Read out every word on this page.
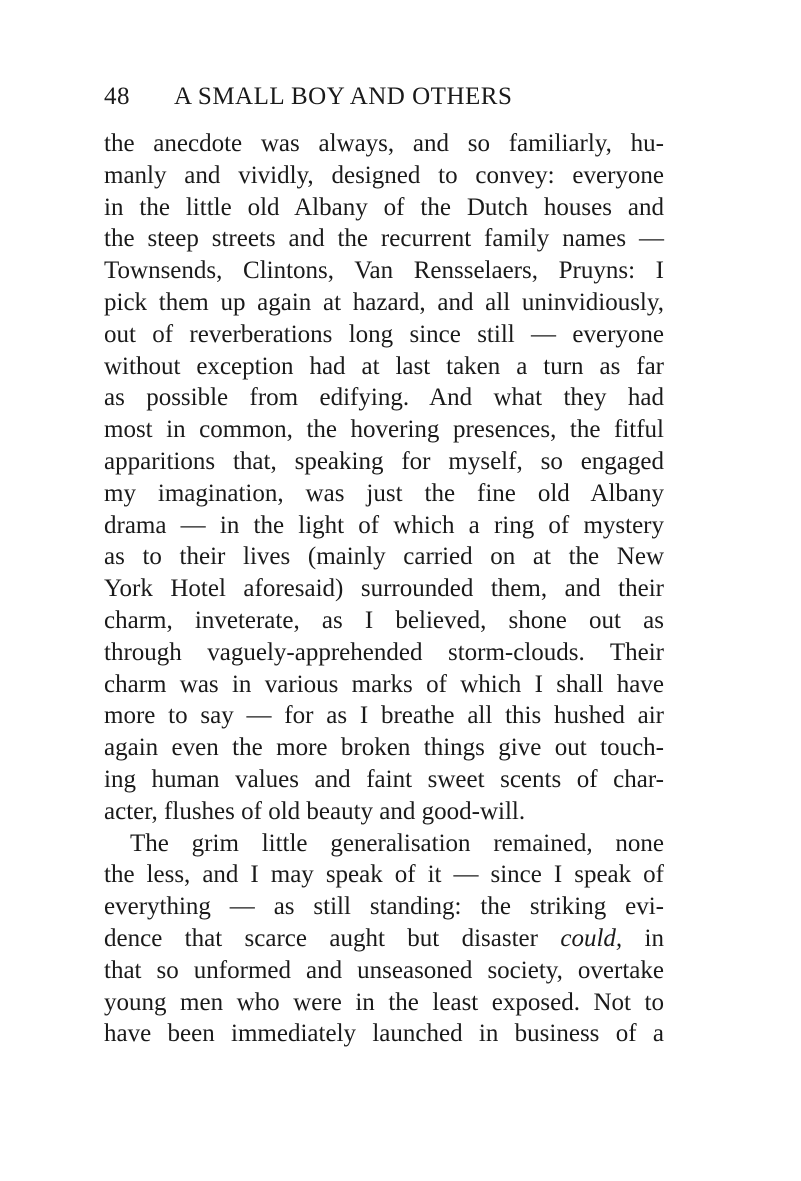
48 A SMALL BOY AND OTHERS
the anecdote was always, and so familiarly, hu-
manly and vividly, designed to convey: everyone
in the little old Albany of the Dutch houses and
the steep streets and the recurrent family names —
Townsends, Clintons, Van Rensselaers, Pruyns: I
pick them up again at hazard, and all uninvidiously,
out of reverberations long since still — everyone
without exception had at last taken a turn as far
as possible from edifying. And what they had
most in common, the hovering presences, the fitful
apparitions that, speaking for myself, so engaged
my imagination, was just the fine old Albany
drama — in the light of which a ring of mystery
as to their lives (mainly carried on at the New
York Hotel aforesaid) surrounded them, and their
charm, inveterate, as I believed, shone out as
through vaguely-apprehended storm-clouds. Their
charm was in various marks of which I shall have
more to say — for as I breathe all this hushed air
again even the more broken things give out touch-
ing human values and faint sweet scents of char-
acter, flushes of old beauty and good-will.
The grim little generalisation remained, none
the less, and I may speak of it — since I speak of
everything — as still standing: the striking evi-
dence that scarce aught but disaster could, in
that so unformed and unseasoned society, overtake
young men who were in the least exposed. Not to
have been immediately launched in business of a
